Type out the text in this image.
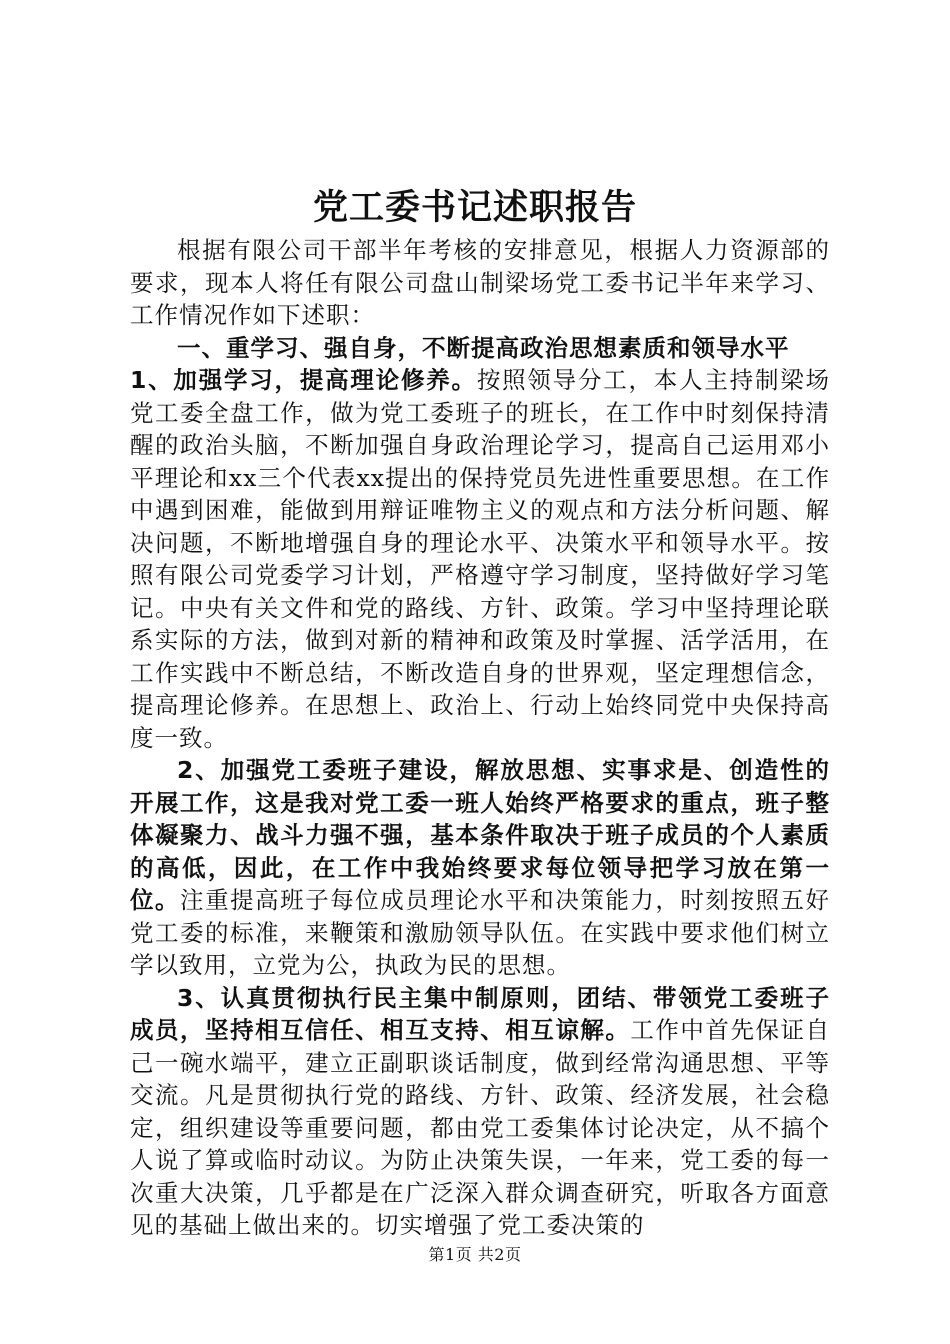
党工委书记述职报告

根据有限公司干部半年考核的安排意见，根据人力资源部的要求，现本人将任有限公司盘山制梁场党工委书记半年来学习、工作情况作如下述职：

一、重学习、强自身，不断提高政治思想素质和领导水平

1、加强学习，提高理论修养。按照领导分工，本人主持制梁场党工委全盘工作，做为党工委班子的班长，在工作中时刻保持清醒的政治头脑，不断加强自身政治理论学习，提高自己运用邓小平理论和xx三个代表xx提出的保持党员先进性重要思想。在工作中遇到困难，能做到用辩证唯物主义的观点和方法分析问题、解决问题，不断地增强自身的理论水平、决策水平和领导水平。按照有限公司党委学习计划，严格遵守学习制度，坚持做好学习笔记。中央有关文件和党的路线、方针、政策。学习中坚持理论联系实际的方法，做到对新的精神和政策及时掌握、活学活用，在工作实践中不断总结，不断改造自身的世界观，坚定理想信念，提高理论修养。在思想上、政治上、行动上始终同党中央保持高度一致。

2、加强党工委班子建设，解放思想、实事求是、创造性的开展工作，这是我对党工委一班人始终严格要求的重点，班子整体凝聚力、战斗力强不强，基本条件取决于班子成员的个人素质的高低，因此，在工作中我始终要求每位领导把学习放在第一位。注重提高班子每位成员理论水平和决策能力，时刻按照五好党工委的标准，来鞭策和激励领导队伍。在实践中要求他们树立学以致用，立党为公，执政为民的思想。

3、认真贯彻执行民主集中制原则，团结、带领党工委班子成员，坚持相互信任、相互支持、相互谅解。工作中首先保证自己一碗水端平，建立正副职谈话制度，做到经常沟通思想、平等交流。凡是贯彻执行党的路线、方针、政策、经济发展，社会稳定，组织建设等重要问题，都由党工委集体讨论决定，从不搞个人说了算或临时动议。为防止决策失误，一年来，党工委的每一次重大决策，几乎都是在广泛深入群众调查研究，听取各方面意见的基础上做出来的。切实增强了党工委决策的

第1页 共2页
